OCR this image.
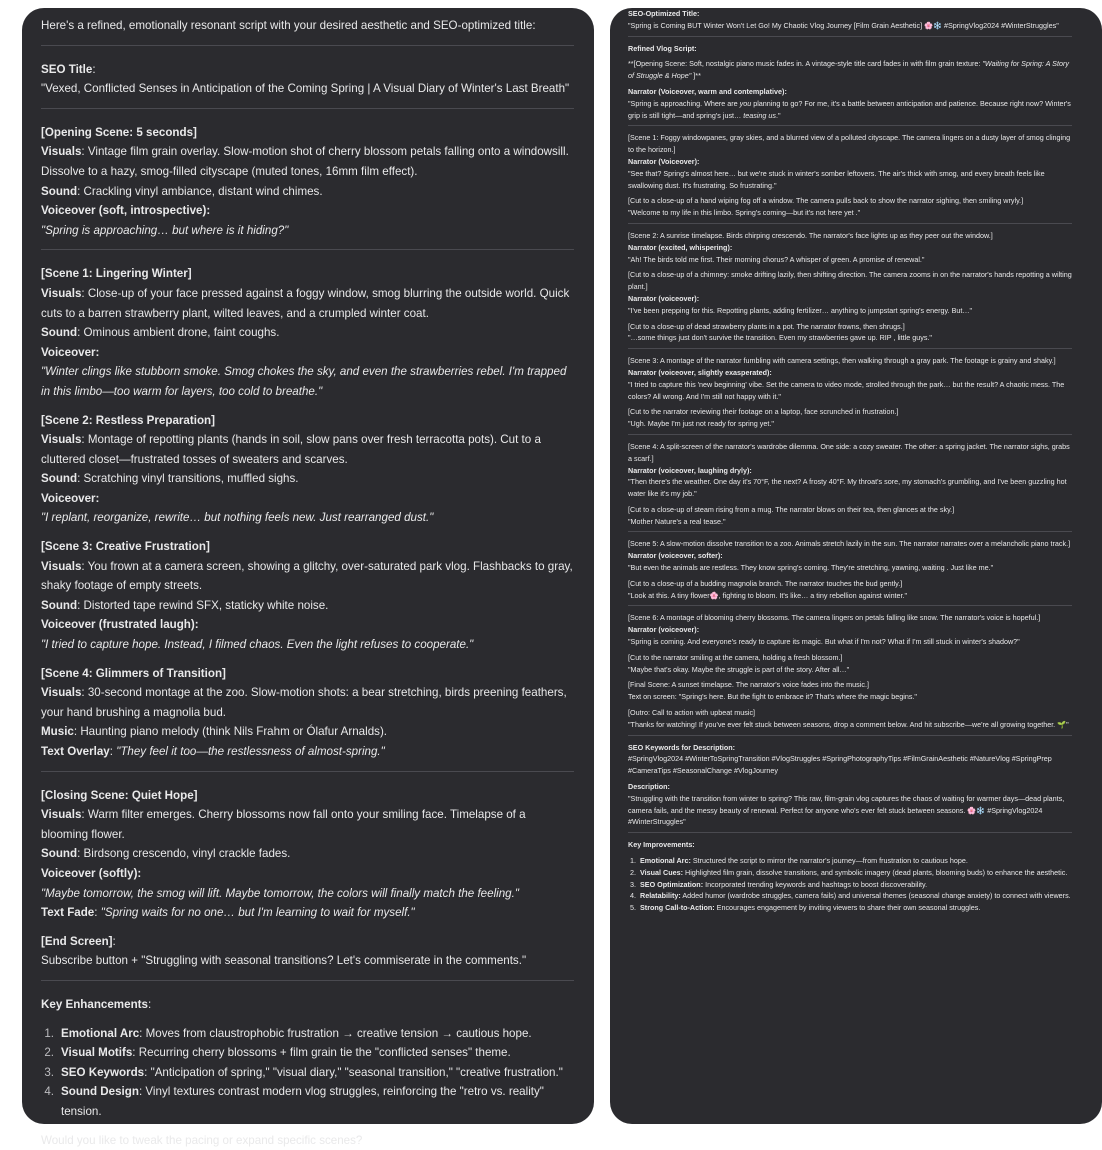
Here's a refined, emotionally resonant script with your desired aesthetic and SEO-optimized title:

SEO Title:

"Vexed, Conflicted Senses in Anticipation of the Coming Spring | A Visual Diary of Winter's Last Breath"

[Opening Scene: 5 seconds]

Visuals: Vintage film grain overlay. Slow-motion shot of cherry blossom petals falling onto a windowsill. Dissolve to a hazy, smog-filled cityscape (muted tones, 16mm film effect).

Sound: Crackling vinyl ambiance, distant wind chimes.

Voiceover (soft, introspective):

"Spring is approaching… but where is it hiding?"

[Scene 1: Lingering Winter]

Visuals: Close-up of your face pressed against a foggy window, smog blurring the outside world. Quick cuts to a barren strawberry plant, wilted leaves, and a crumpled winter coat.

Sound: Ominous ambient drone, faint coughs.

Voiceover:

"Winter clings like stubborn smoke. Smog chokes the sky, and even the strawberries rebel. I'm trapped in this limbo—too warm for layers, too cold to breathe."

[Scene 2: Restless Preparation]

Visuals: Montage of repotting plants (hands in soil, slow pans over fresh terracotta pots). Cut to a cluttered closet—frustrated tosses of sweaters and scarves.

Sound: Scratching vinyl transitions, muffled sighs.

Voiceover:

"I replant, reorganize, rewrite… but nothing feels new. Just rearranged dust."

[Scene 3: Creative Frustration]

Visuals: You frown at a camera screen, showing a glitchy, over-saturated park vlog. Flashbacks to gray, shaky footage of empty streets.

Sound: Distorted tape rewind SFX, staticky white noise.

Voiceover (frustrated laugh):

"I tried to capture hope. Instead, I filmed chaos. Even the light refuses to cooperate."

[Scene 4: Glimmers of Transition]

Visuals: 30-second montage at the zoo. Slow-motion shots: a bear stretching, birds preening feathers, your hand brushing a magnolia bud.

Music: Haunting piano melody (think Nils Frahm or Ólafur Arnalds).

Text Overlay: "They feel it too—the restlessness of almost-spring."

[Closing Scene: Quiet Hope]

Visuals: Warm filter emerges. Cherry blossoms now fall onto your smiling face. Timelapse of a blooming flower.

Sound: Birdsong crescendo, vinyl crackle fades.

Voiceover (softly):

"Maybe tomorrow, the smog will lift. Maybe tomorrow, the colors will finally match the feeling."

Text Fade: "Spring waits for no one… but I'm learning to wait for myself."

[End Screen]:

Subscribe button + "Struggling with seasonal transitions? Let's commiserate in the comments."

Key Enhancements:

1. Emotional Arc: Moves from claustrophobic frustration → creative tension → cautious hope.
2. Visual Motifs: Recurring cherry blossoms + film grain tie the "conflicted senses" theme.
3. SEO Keywords: "Anticipation of spring," "visual diary," "seasonal transition," "creative frustration."
4. Sound Design: Vinyl textures contrast modern vlog struggles, reinforcing the "retro vs. reality" tension.

Would you like to tweak the pacing or expand specific scenes?

SEO-Optimized Title:

"Spring is Coming BUT Winter Won't Let Go! My Chaotic Vlog Journey [Film Grain Aesthetic] 🌸❄️ #SpringVlog2024 #WinterStruggles"

Refined Vlog Script:

**[Opening Scene: Soft, nostalgic piano music fades in. A vintage-style title card fades in with film grain texture: "Waiting for Spring: A Story of Struggle & Hope" ]**

Narrator (Voiceover, warm and contemplative):

"Spring is approaching. Where are you planning to go? For me, it's a battle between anticipation and patience. Because right now? Winter's grip is still tight—and spring's just… teasing us."

[Scene 1: Foggy windowpanes, gray skies, and a blurred view of a polluted cityscape. The camera lingers on a dusty layer of smog clinging to the horizon.]

Narrator (Voiceover):

"See that? Spring's almost here… but we're stuck in winter's somber leftovers. The air's thick with smog, and every breath feels like swallowing dust. It's frustrating. So frustrating."

[Cut to a close-up of a hand wiping fog off a window. The camera pulls back to show the narrator sighing, then smiling wryly.]

"Welcome to my life in this limbo. Spring's coming—but it's not here yet ."

[Scene 2: A sunrise timelapse. Birds chirping crescendo. The narrator's face lights up as they peer out the window.]

Narrator (excited, whispering):

"Ah! The birds told me first. Their morning chorus? A whisper of green. A promise of renewal."

[Cut to a close-up of a chimney: smoke drifting lazily, then shifting direction. The camera zooms in on the narrator's hands repotting a wilting plant.]

Narrator (voiceover):

"I've been prepping for this. Repotting plants, adding fertilizer… anything to jumpstart spring's energy. But…"

[Cut to a close-up of dead strawberry plants in a pot. The narrator frowns, then shrugs.]

"…some things just don't survive the transition. Even my strawberries gave up. RIP , little guys."

[Scene 3: A montage of the narrator fumbling with camera settings, then walking through a gray park. The footage is grainy and shaky.]

Narrator (voiceover, slightly exasperated):

"I tried to capture this 'new beginning' vibe. Set the camera to video mode, strolled through the park… but the result? A chaotic mess. The colors? All wrong. And I'm still not happy with it."

[Cut to the narrator reviewing their footage on a laptop, face scrunched in frustration.]

"Ugh. Maybe I'm just not ready for spring yet."

[Scene 4: A split-screen of the narrator's wardrobe dilemma. One side: a cozy sweater. The other: a spring jacket. The narrator sighs, grabs a scarf.]

Narrator (voiceover, laughing dryly):

"Then there's the weather. One day it's 70°F, the next? A frosty 40°F. My throat's sore, my stomach's grumbling, and I've been guzzling hot water like it's my job."

[Cut to a close-up of steam rising from a mug. The narrator blows on their tea, then glances at the sky.]

"Mother Nature's a real tease."

[Scene 5: A slow-motion dissolve transition to a zoo. Animals stretch lazily in the sun. The narrator narrates over a melancholic piano track.]

Narrator (voiceover, softer):

"But even the animals are restless. They know spring's coming. They're stretching, yawning, waiting . Just like me."

[Cut to a close-up of a budding magnolia branch. The narrator touches the bud gently.]

"Look at this. A tiny flower🌸, fighting to bloom. It's like… a tiny rebellion against winter."

[Scene 6: A montage of blooming cherry blossoms. The camera lingers on petals falling like snow. The narrator's voice is hopeful.]

Narrator (voiceover):

"Spring is coming. And everyone's ready to capture its magic. But what if I'm not? What if I'm still stuck in winter's shadow?"

[Cut to the narrator smiling at the camera, holding a fresh blossom.]

"Maybe that's okay. Maybe the struggle is part of the story. After all…"

[Final Scene: A sunset timelapse. The narrator's voice fades into the music.]

Text on screen: "Spring's here. But the fight to embrace it? That's where the magic begins."

[Outro: Call to action with upbeat music]

"Thanks for watching! If you've ever felt stuck between seasons, drop a comment below. And hit subscribe—we're all growing together. 🌱"

SEO Keywords for Description:

#SpringVlog2024 #WinterToSpringTransition #VlogStruggles #SpringPhotographyTips #FilmGrainAesthetic #NatureVlog #SpringPrep #CameraTips #SeasonalChange #VlogJourney

Description:

"Struggling with the transition from winter to spring? This raw, film-grain vlog captures the chaos of waiting for warmer days—dead plants, camera fails, and the messy beauty of renewal. Perfect for anyone who's ever felt stuck between seasons. 🌸❄️ #SpringVlog2024 #WinterStruggles"

Key Improvements:

1. Emotional Arc: Structured the script to mirror the narrator's journey—from frustration to cautious hope.
2. Visual Cues: Highlighted film grain, dissolve transitions, and symbolic imagery (dead plants, blooming buds) to enhance the aesthetic.
3. SEO Optimization: Incorporated trending keywords and hashtags to boost discoverability.
4. Relatability: Added humor (wardrobe struggles, camera fails) and universal themes (seasonal change anxiety) to connect with viewers.
5. Strong Call-to-Action: Encourages engagement by inviting viewers to share their own seasonal struggles.
